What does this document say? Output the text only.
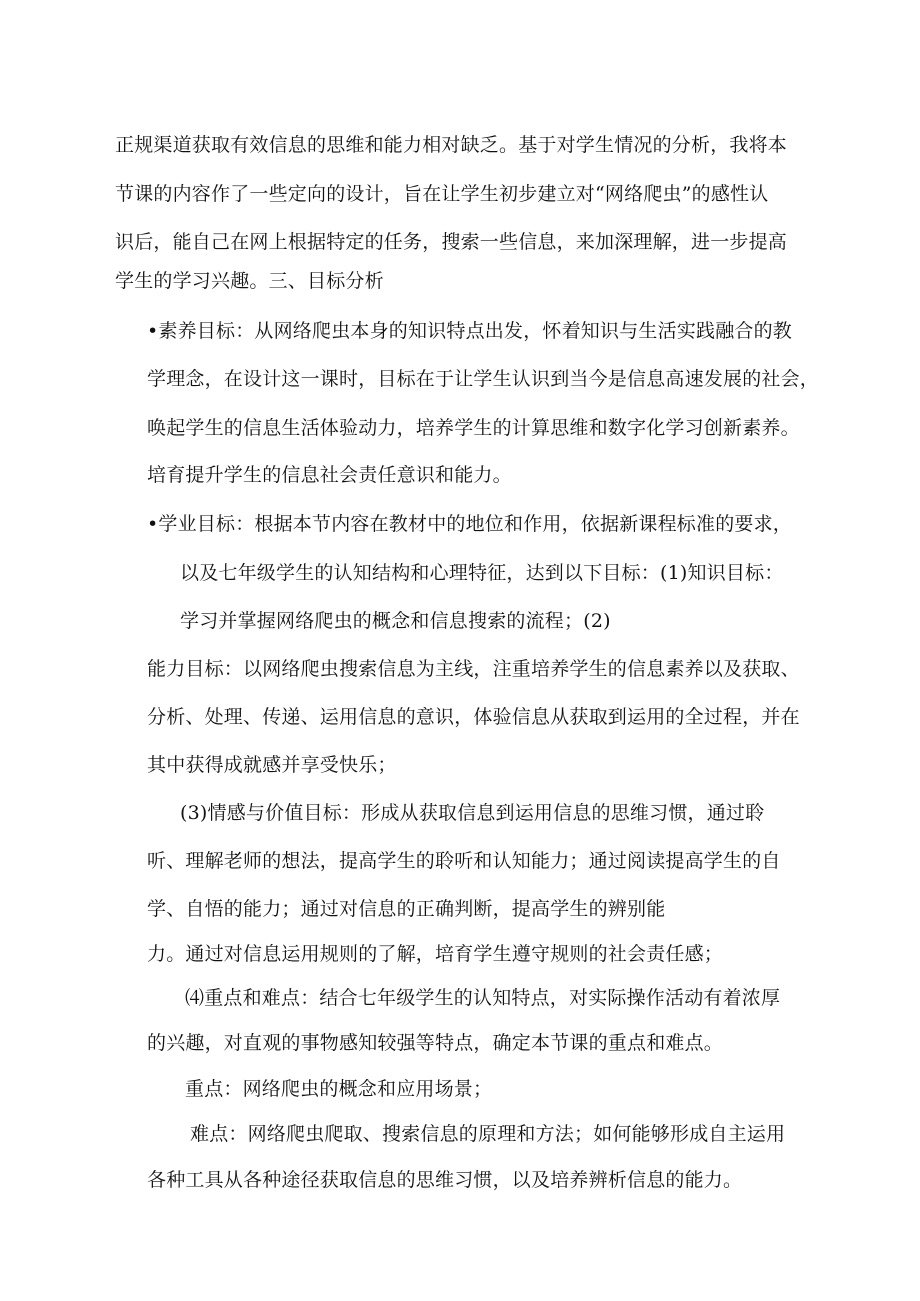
正规渠道获取有效信息的思维和能力相对缺乏。基于对学生情况的分析，我将本
节课的内容作了一些定向的设计，旨在让学生初步建立对“网络爬虫”的感性认
识后，能自己在网上根据特定的任务，搜索一些信息，来加深理解，进一步提高
学生的学习兴趣。三、目标分析
•素养目标：从网络爬虫本身的知识特点出发，怀着知识与生活实践融合的教
学理念，在设计这一课时，目标在于让学生认识到当今是信息高速发展的社会，
唤起学生的信息生活体验动力，培养学生的计算思维和数字化学习创新素养。
培育提升学生的信息社会责任意识和能力。
•学业目标：根据本节内容在教材中的地位和作用，依据新课程标准的要求，
以及七年级学生的认知结构和心理特征，达到以下目标：(1)知识目标：
学习并掌握网络爬虫的概念和信息搜索的流程；(2)
能力目标：以网络爬虫搜索信息为主线，注重培养学生的信息素养以及获取、
分析、处理、传递、运用信息的意识，体验信息从获取到运用的全过程，并在
其中获得成就感并享受快乐；
(3)情感与价值目标：形成从获取信息到运用信息的思维习惯，通过聆
听、理解老师的想法，提高学生的聆听和认知能力；通过阅读提高学生的自
学、自悟的能力；通过对信息的正确判断，提高学生的辨别能
力。通过对信息运用规则的了解，培育学生遵守规则的社会责任感；
⑷重点和难点：结合七年级学生的认知特点，对实际操作活动有着浓厚
的兴趣，对直观的事物感知较强等特点，确定本节课的重点和难点。
重点：网络爬虫的概念和应用场景；
难点：网络爬虫爬取、搜索信息的原理和方法；如何能够形成自主运用
各种工具从各种途径获取信息的思维习惯，以及培养辨析信息的能力。
